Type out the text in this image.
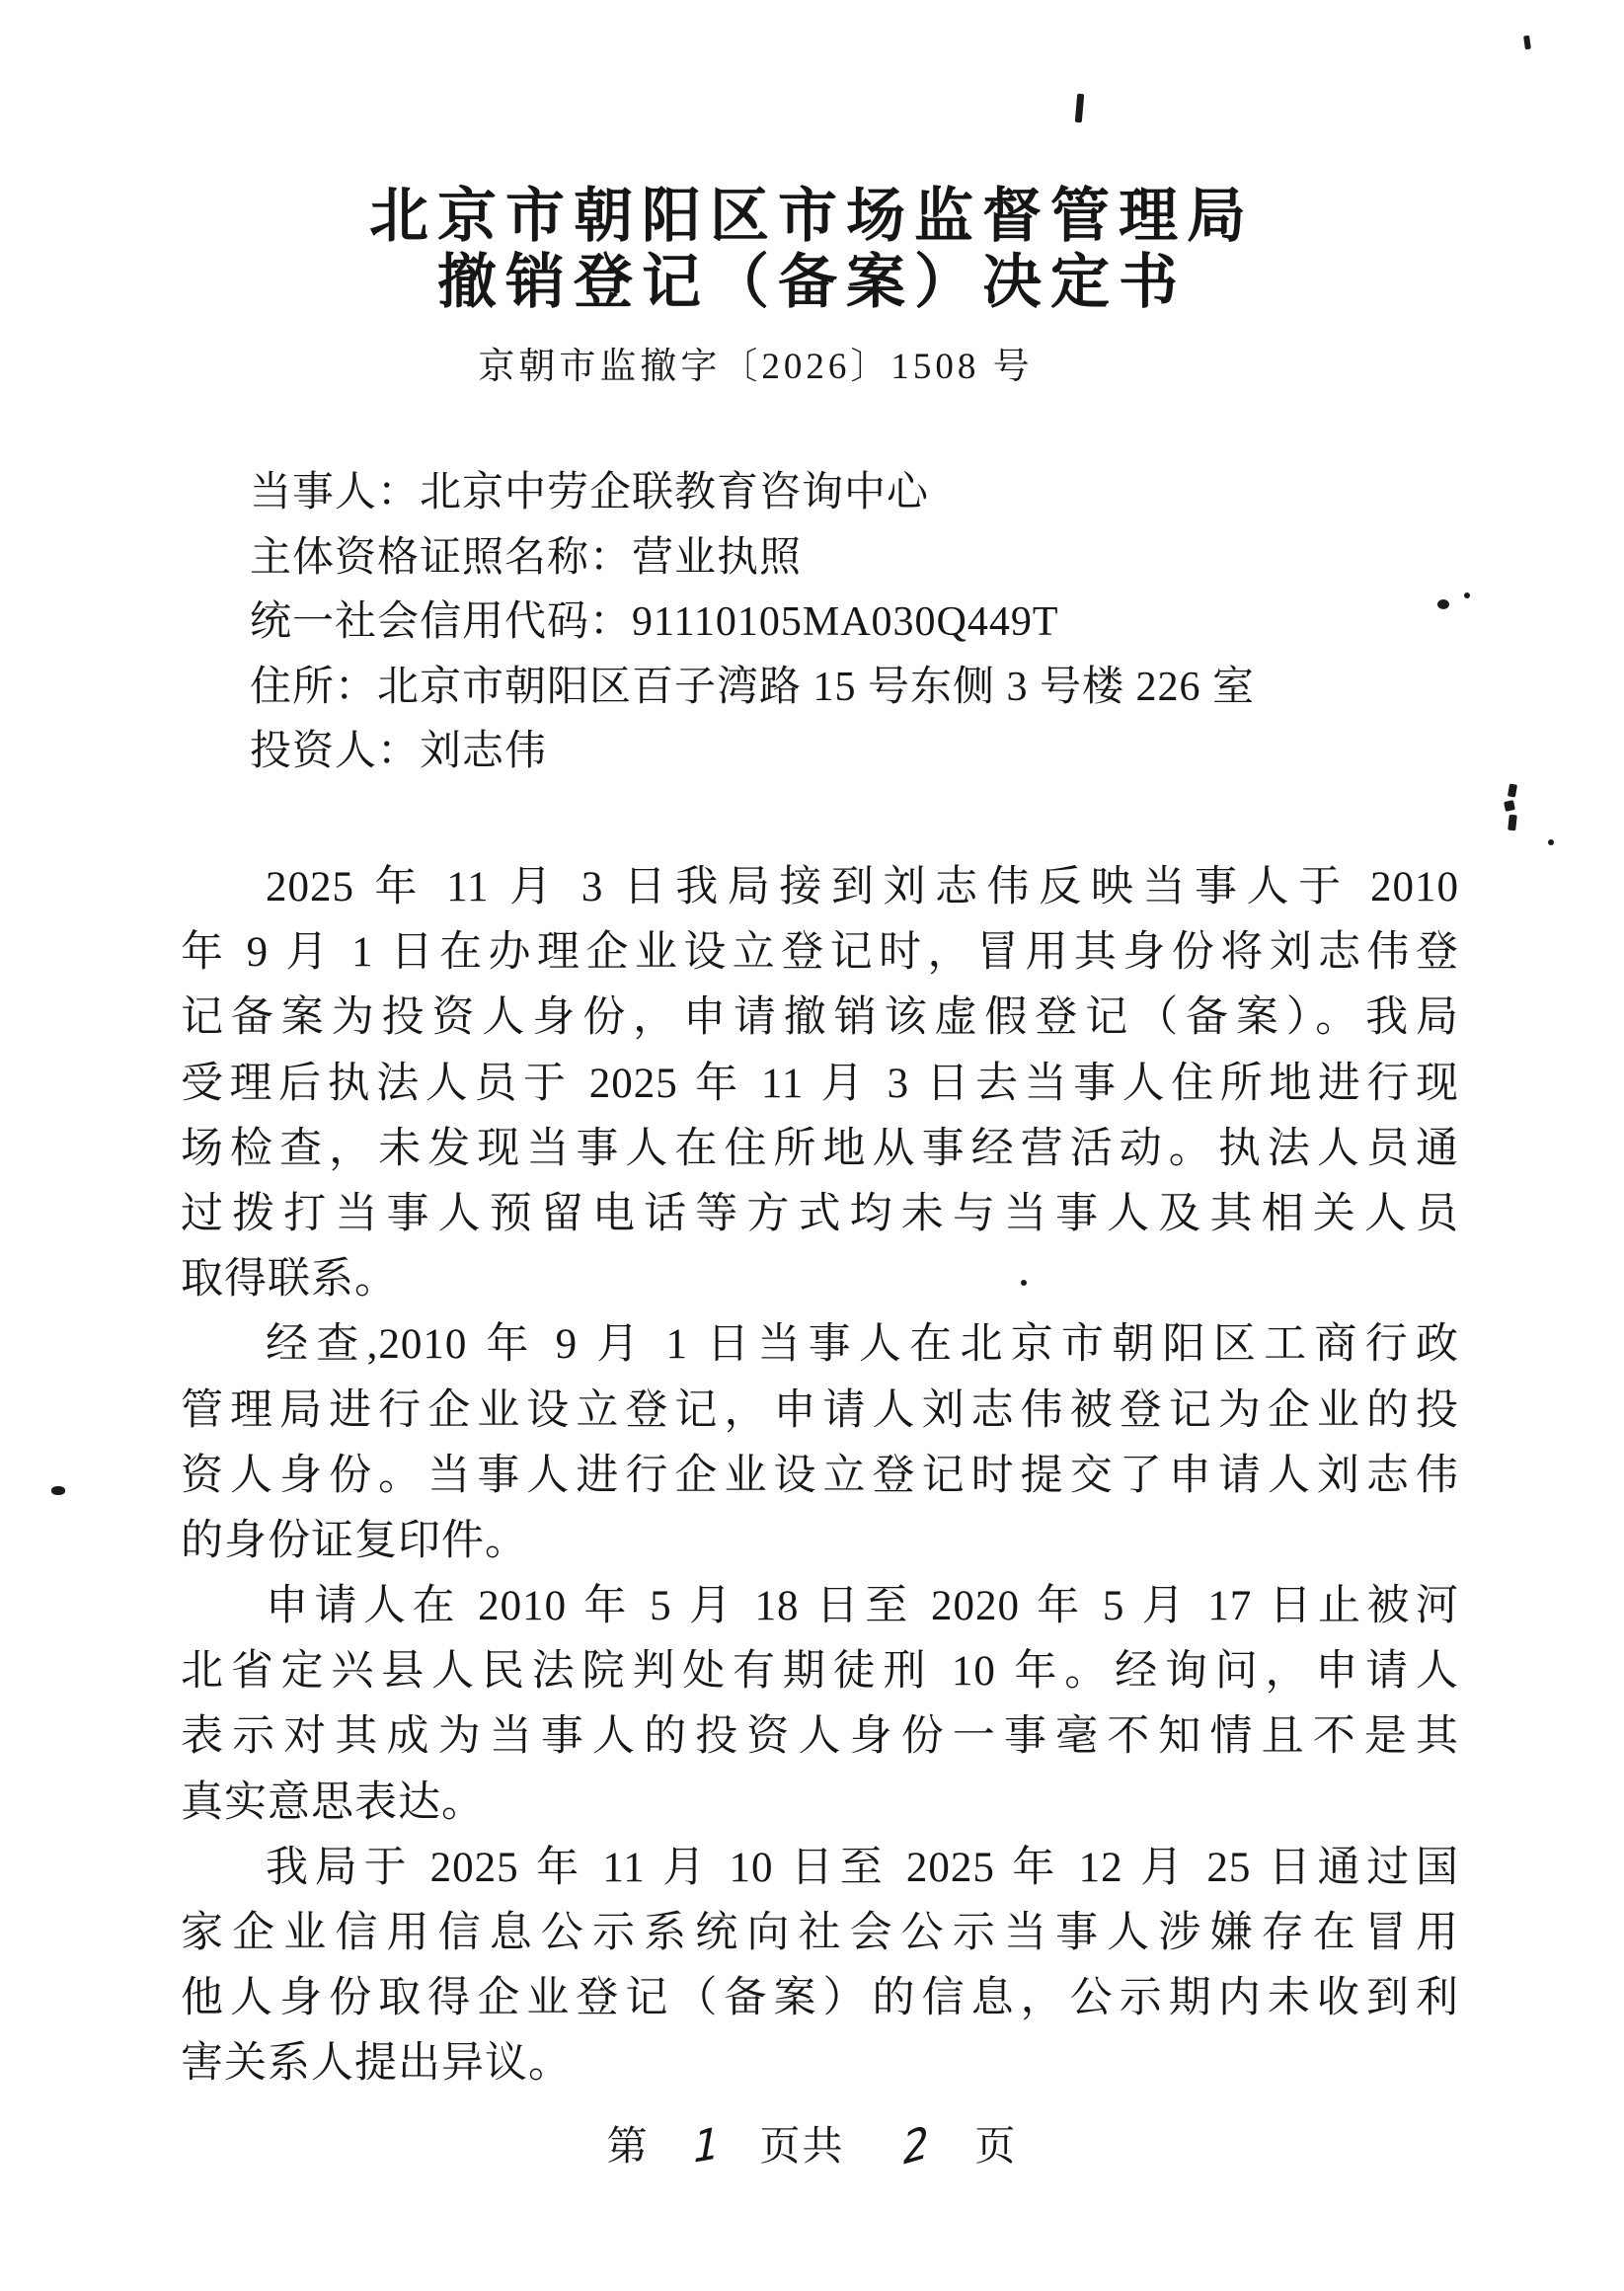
北京市朝阳区市场监督管理局
撤销登记（备案）决定书
京朝市监撤字〔2026〕1508 号
当事人：北京中劳企联教育咨询中心
主体资格证照名称：营业执照
统一社会信用代码：91110105MA030Q449T
住所：北京市朝阳区百子湾路 15 号东侧 3 号楼 226 室
投资人：刘志伟
2025 年 11 月 3 日我局接到刘志伟反映当事人于 2010
年 9 月 1 日在办理企业设立登记时，冒用其身份将刘志伟登
记备案为投资人身份，申请撤销该虚假登记（备案）。我局
受理后执法人员于 2025 年 11 月 3 日去当事人住所地进行现
场检查，未发现当事人在住所地从事经营活动。执法人员通
过拨打当事人预留电话等方式均未与当事人及其相关人员
取得联系。
经查,2010 年 9 月 1 日当事人在北京市朝阳区工商行政
管理局进行企业设立登记，申请人刘志伟被登记为企业的投
资人身份。当事人进行企业设立登记时提交了申请人刘志伟
的身份证复印件。
申请人在 2010 年 5 月 18 日至 2020 年 5 月 17 日止被河
北省定兴县人民法院判处有期徒刑 10 年。经询问，申请人
表示对其成为当事人的投资人身份一事毫不知情且不是其
真实意思表达。
我局于 2025 年 11 月 10 日至 2025 年 12 月 25 日通过国
家企业信用信息公示系统向社会公示当事人涉嫌存在冒用
他人身份取得企业登记（备案）的信息，公示期内未收到利
害关系人提出异议。
第 1 页共 2 页
